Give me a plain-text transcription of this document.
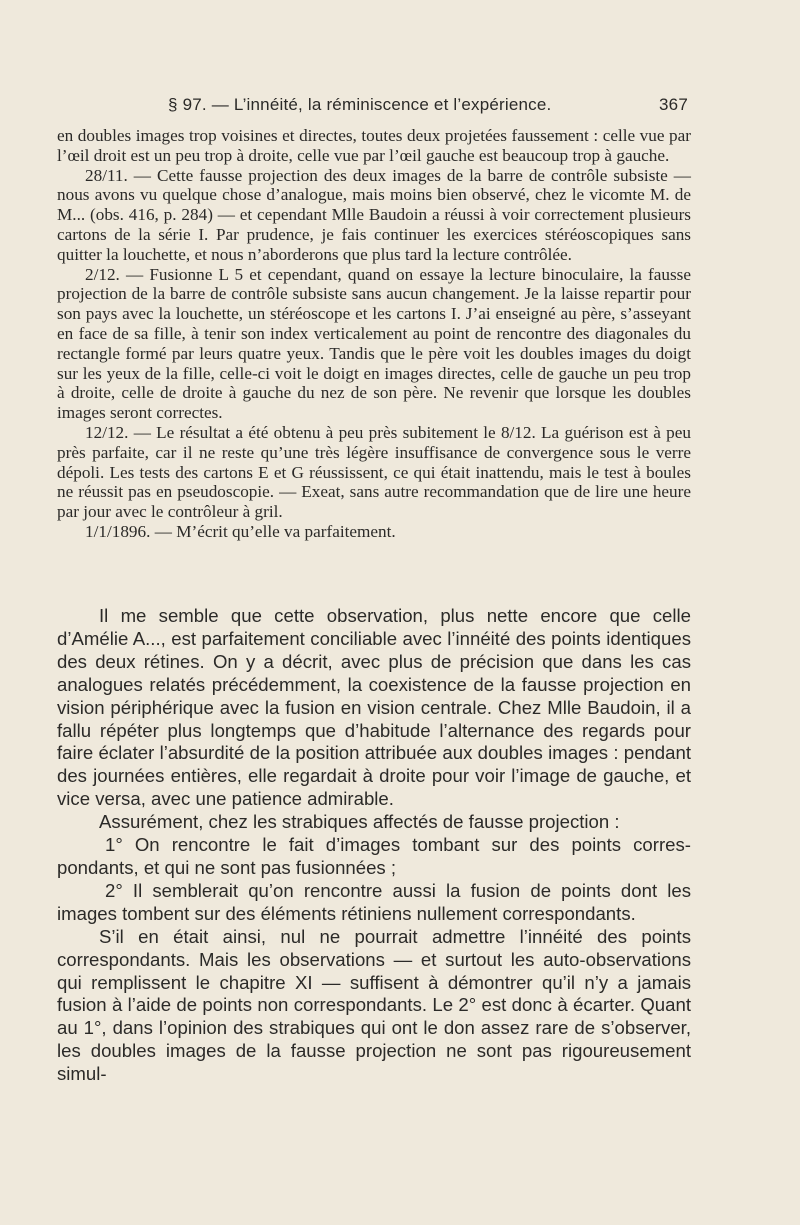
§ 97. — L’innéité, la réminiscence et l’expérience.	367

en doubles images trop voisines et directes, toutes deux projetées faussement : celle vue par l’œil droit est un peu trop à droite, celle vue par l’œil gauche est beaucoup trop à gauche.

28/11. — Cette fausse projection des deux images de la barre de contrôle subsiste — nous avons vu quelque chose d’analogue, mais moins bien observé, chez le vicomte M. de M... (obs. 416, p. 284) — et cependant Mlle Baudoin a réussi à voir correctement plusieurs cartons de la série I. Par prudence, je fais continuer les exercices stéréoscopiques sans quitter la louchette, et nous n’aborderons que plus tard la lecture contrôlée.

2/12. — Fusionne L 5 et cependant, quand on essaye la lecture binoculaire, la fausse projection de la barre de contrôle subsiste sans aucun changement. Je la laisse repartir pour son pays avec la louchette, un stéréoscope et les cartons I. J’ai enseigné au père, s’asseyant en face de sa fille, à tenir son index verticalement au point de rencontre des diagonales du rectangle formé par leurs quatre yeux. Tandis que le père voit les doubles images du doigt sur les yeux de la fille, celle-ci voit le doigt en images directes, celle de gauche un peu trop à droite, celle de droite à gauche du nez de son père. Ne revenir que lorsque les doubles images seront correctes.

12/12. — Le résultat a été obtenu à peu près subitement le 8/12. La guérison est à peu près parfaite, car il ne reste qu’une très légère insuffisance de convergence sous le verre dépoli. Les tests des cartons E et G réussissent, ce qui était inattendu, mais le test à boules ne réussit pas en pseudoscopie. — Exeat, sans autre recommandation que de lire une heure par jour avec le contrôleur à gril.

1/1/1896. — M’écrit qu’elle va parfaitement.

Il me semble que cette observation, plus nette encore que celle d’Amélie A..., est parfaitement conciliable avec l’innéité des points identiques des deux rétines. On y a décrit, avec plus de précision que dans les cas analogues relatés précédemment, la coexistence de la fausse projection en vision périphérique avec la fusion en vision centrale. Chez Mlle Baudoin, il a fallu répéter plus longtemps que d’habitude l’alternance des regards pour faire éclater l’absurdité de la position attribuée aux doubles images : pendant des journées entières, elle regardait à droite pour voir l’image de gauche, et vice versa, avec une patience admirable.

Assurément, chez les strabiques affectés de fausse projection :

1° On rencontre le fait d’images tombant sur des points correspondants, et qui ne sont pas fusionnées ;

2° Il semblerait qu’on rencontre aussi la fusion de points dont les images tombent sur des éléments rétiniens nullement correspondants.

S’il en était ainsi, nul ne pourrait admettre l’innéité des points correspondants. Mais les observations — et surtout les auto-observations qui remplissent le chapitre XI — suffisent à démontrer qu’il n’y a jamais fusion à l’aide de points non correspondants. Le 2° est donc à écarter. Quant au 1°, dans l’opinion des strabiques qui ont le don assez rare de s’observer, les doubles images de la fausse projection ne sont pas rigoureusement simul-
